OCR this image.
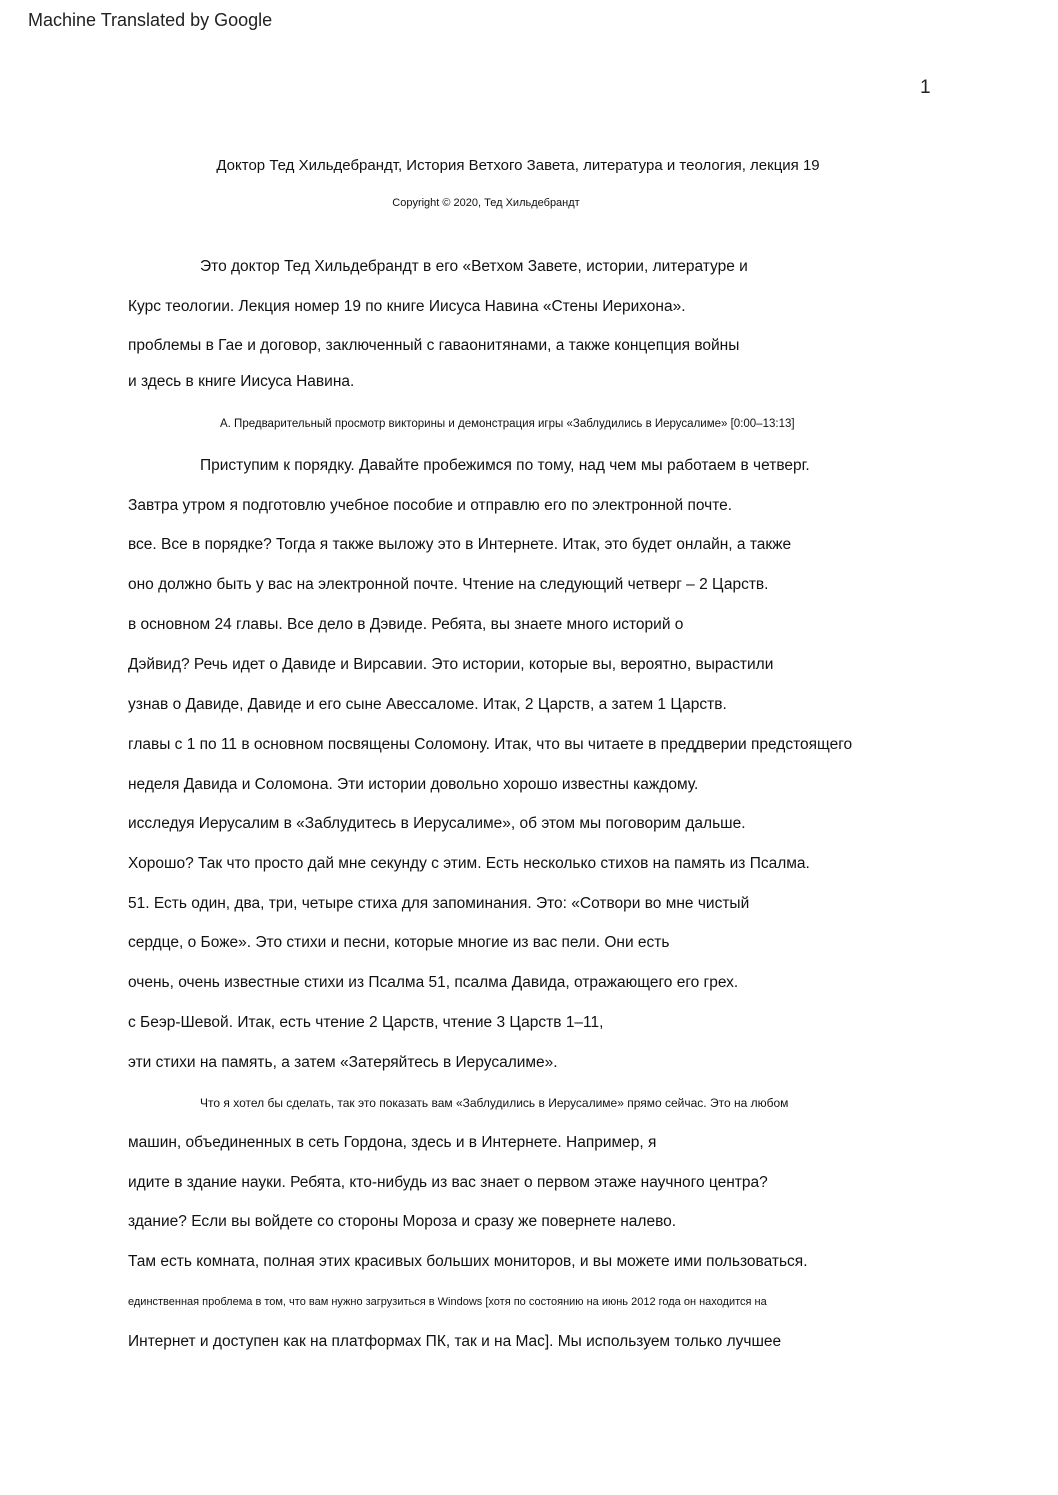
Machine Translated by Google
1
Доктор Тед Хильдебрандт, История Ветхого Завета, литература и теология, лекция 19
Copyright © 2020, Тед Хильдебрандт
Это доктор Тед Хильдебрандт в его «Ветхом Завете, истории, литературе и
Курс теологии. Лекция номер 19 по книге Иисуса Навина «Стены Иерихона».
проблемы в Гае и договор, заключенный с гаваонитянами, а также концепция войны
и здесь в книге Иисуса Навина.
А. Предварительный просмотр викторины и демонстрация игры «Заблудились в Иерусалиме» [0:00–13:13]
Приступим к порядку. Давайте пробежимся по тому, над чем мы работаем в четверг.
Завтра утром я подготовлю учебное пособие и отправлю его по электронной почте.
все. Все в порядке? Тогда я также выложу это в Интернете. Итак, это будет онлайн, а также
оно должно быть у вас на электронной почте. Чтение на следующий четверг – 2 Царств.
в основном 24 главы. Все дело в Дэвиде. Ребята, вы знаете много историй о
Дэйвид? Речь идет о Давиде и Вирсавии. Это истории, которые вы, вероятно, вырастили
узнав о Давиде, Давиде и его сыне Авессаломе. Итак, 2 Царств, а затем 1 Царств.
главы с 1 по 11 в основном посвящены Соломону. Итак, что вы читаете в преддверии предстоящего
неделя Давида и Соломона. Эти истории довольно хорошо известны каждому.
исследуя Иерусалим в «Заблудитесь в Иерусалиме», об этом мы поговорим дальше.
Хорошо? Так что просто дай мне секунду с этим. Есть несколько стихов на память из Псалма.
51. Есть один, два, три, четыре стиха для запоминания. Это: «Сотвори во мне чистый
сердце, о Боже». Это стихи и песни, которые многие из вас пели. Они есть
очень, очень известные стихи из Псалма 51, псалма Давида, отражающего его грех.
с Беэр-Шевой. Итак, есть чтение 2 Царств, чтение 3 Царств 1–11,
эти стихи на память, а затем «Затеряйтесь в Иерусалиме».
Что я хотел бы сделать, так это показать вам «Заблудились в Иерусалиме» прямо сейчас. Это на любом
машин, объединенных в сеть Гордона, здесь и в Интернете. Например, я
идите в здание науки. Ребята, кто-нибудь из вас знает о первом этаже научного центра?
здание? Если вы войдете со стороны Мороза и сразу же повернете налево.
Там есть комната, полная этих красивых больших мониторов, и вы можете ими пользоваться.
единственная проблема в том, что вам нужно загрузиться в Windows [хотя по состоянию на июнь 2012 года он находится на
Интернет и доступен как на платформах ПК, так и на Mac]. Мы используем только лучшее
